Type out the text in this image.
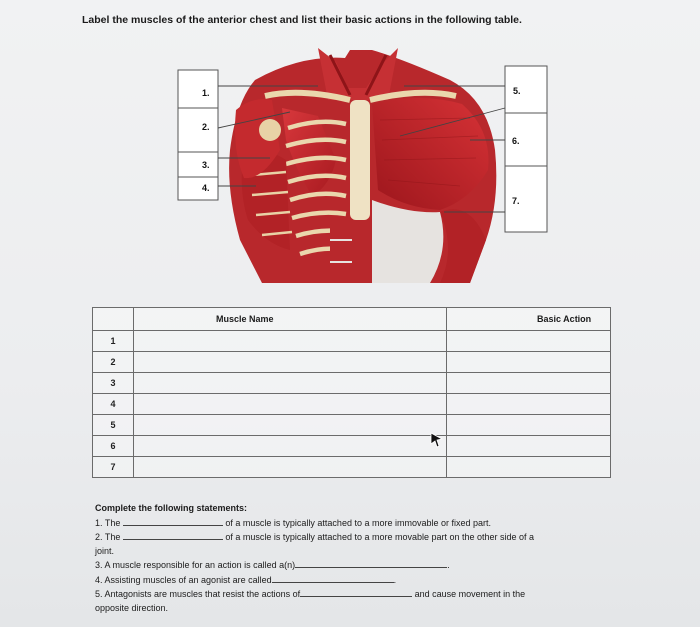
Label the muscles of the anterior chest and list their basic actions in the following table.
1.
2.
3.
4.
5.
6.
7.
	Muscle Name	Basic Action
1		
2		
3		
4		
5		
6		
7		
Complete the following statements:
1. The	of a muscle is typically attached to a more immovable or fixed part.
2. The	of a muscle is typically attached to a more movable part on the other side of a
joint.
3. A muscle responsible for an action is called a(n)	.
4. Assisting muscles of an agonist are called	.
5. Antagonists are muscles that resist the actions of	and cause movement in the
opposite direction.
